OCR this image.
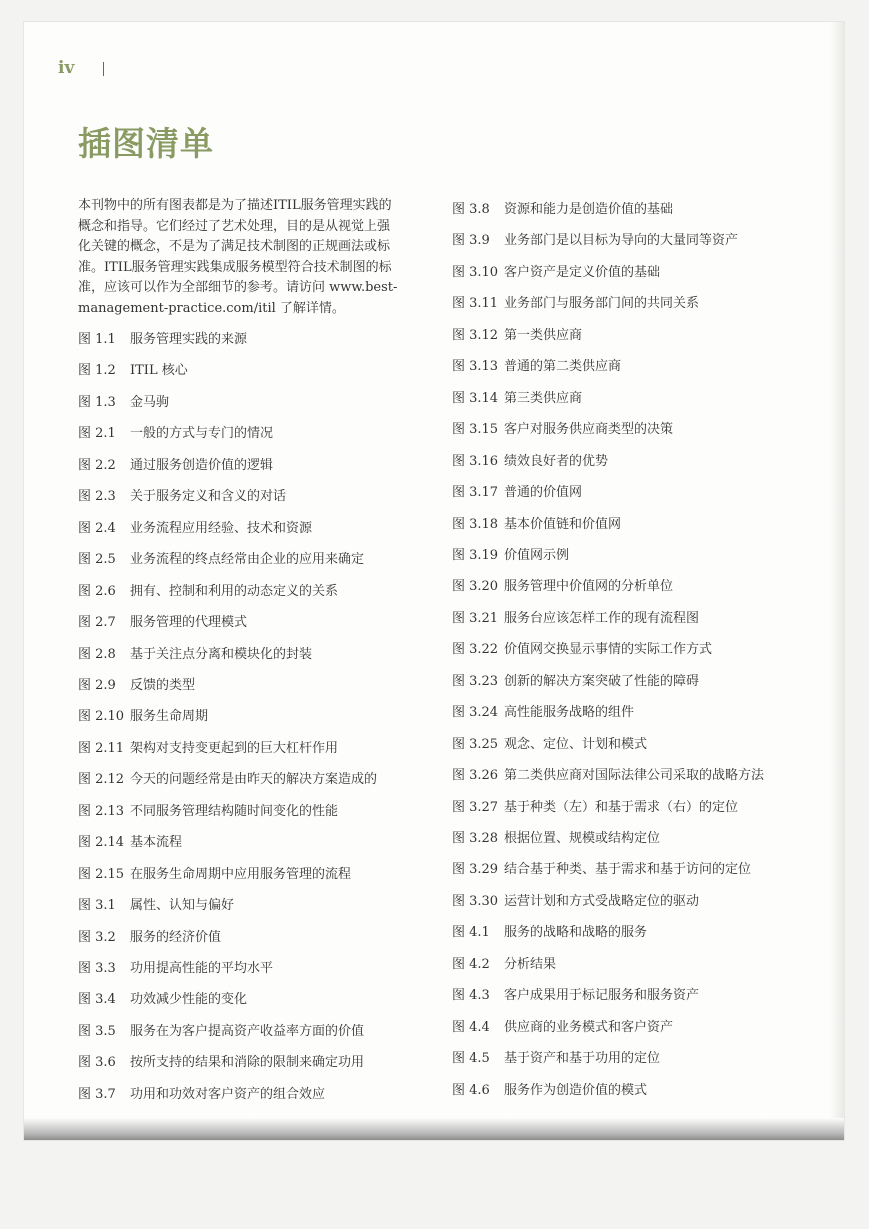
iv
插图清单
本刊物中的所有图表都是为了描述ITIL服务管理实践的
概念和指导。它们经过了艺术处理，目的是从视觉上强
化关键的概念，不是为了满足技术制图的正规画法或标
准。ITIL服务管理实践集成服务模型符合技术制图的标
准，应该可以作为全部细节的参考。请访问 www.best-
management-practice.com/itil 了解详情。
图 1.1 服务管理实践的来源
图 1.2 ITIL 核心
图 1.3 金马驹
图 2.1 一般的方式与专门的情况
图 2.2 通过服务创造价值的逻辑
图 2.3 关于服务定义和含义的对话
图 2.4 业务流程应用经验、技术和资源
图 2.5 业务流程的终点经常由企业的应用来确定
图 2.6 拥有、控制和利用的动态定义的关系
图 2.7 服务管理的代理模式
图 2.8 基于关注点分离和模块化的封装
图 2.9 反馈的类型
图 2.10 服务生命周期
图 2.11 架构对支持变更起到的巨大杠杆作用
图 2.12 今天的问题经常是由昨天的解决方案造成的
图 2.13 不同服务管理结构随时间变化的性能
图 2.14 基本流程
图 2.15 在服务生命周期中应用服务管理的流程
图 3.1 属性、认知与偏好
图 3.2 服务的经济价值
图 3.3 功用提高性能的平均水平
图 3.4 功效减少性能的变化
图 3.5 服务在为客户提高资产收益率方面的价值
图 3.6 按所支持的结果和消除的限制来确定功用
图 3.7 功用和功效对客户资产的组合效应
图 3.8 资源和能力是创造价值的基础
图 3.9 业务部门是以目标为导向的大量同等资产
图 3.10 客户资产是定义价值的基础
图 3.11 业务部门与服务部门间的共同关系
图 3.12 第一类供应商
图 3.13 普通的第二类供应商
图 3.14 第三类供应商
图 3.15 客户对服务供应商类型的决策
图 3.16 绩效良好者的优势
图 3.17 普通的价值网
图 3.18 基本价值链和价值网
图 3.19 价值网示例
图 3.20 服务管理中价值网的分析单位
图 3.21 服务台应该怎样工作的现有流程图
图 3.22 价值网交换显示事情的实际工作方式
图 3.23 创新的解决方案突破了性能的障碍
图 3.24 高性能服务战略的组件
图 3.25 观念、定位、计划和模式
图 3.26 第二类供应商对国际法律公司采取的战略方法
图 3.27 基于种类（左）和基于需求（右）的定位
图 3.28 根据位置、规模或结构定位
图 3.29 结合基于种类、基于需求和基于访问的定位
图 3.30 运营计划和方式受战略定位的驱动
图 4.1 服务的战略和战略的服务
图 4.2 分析结果
图 4.3 客户成果用于标记服务和服务资产
图 4.4 供应商的业务模式和客户资产
图 4.5 基于资产和基于功用的定位
图 4.6 服务作为创造价值的模式
